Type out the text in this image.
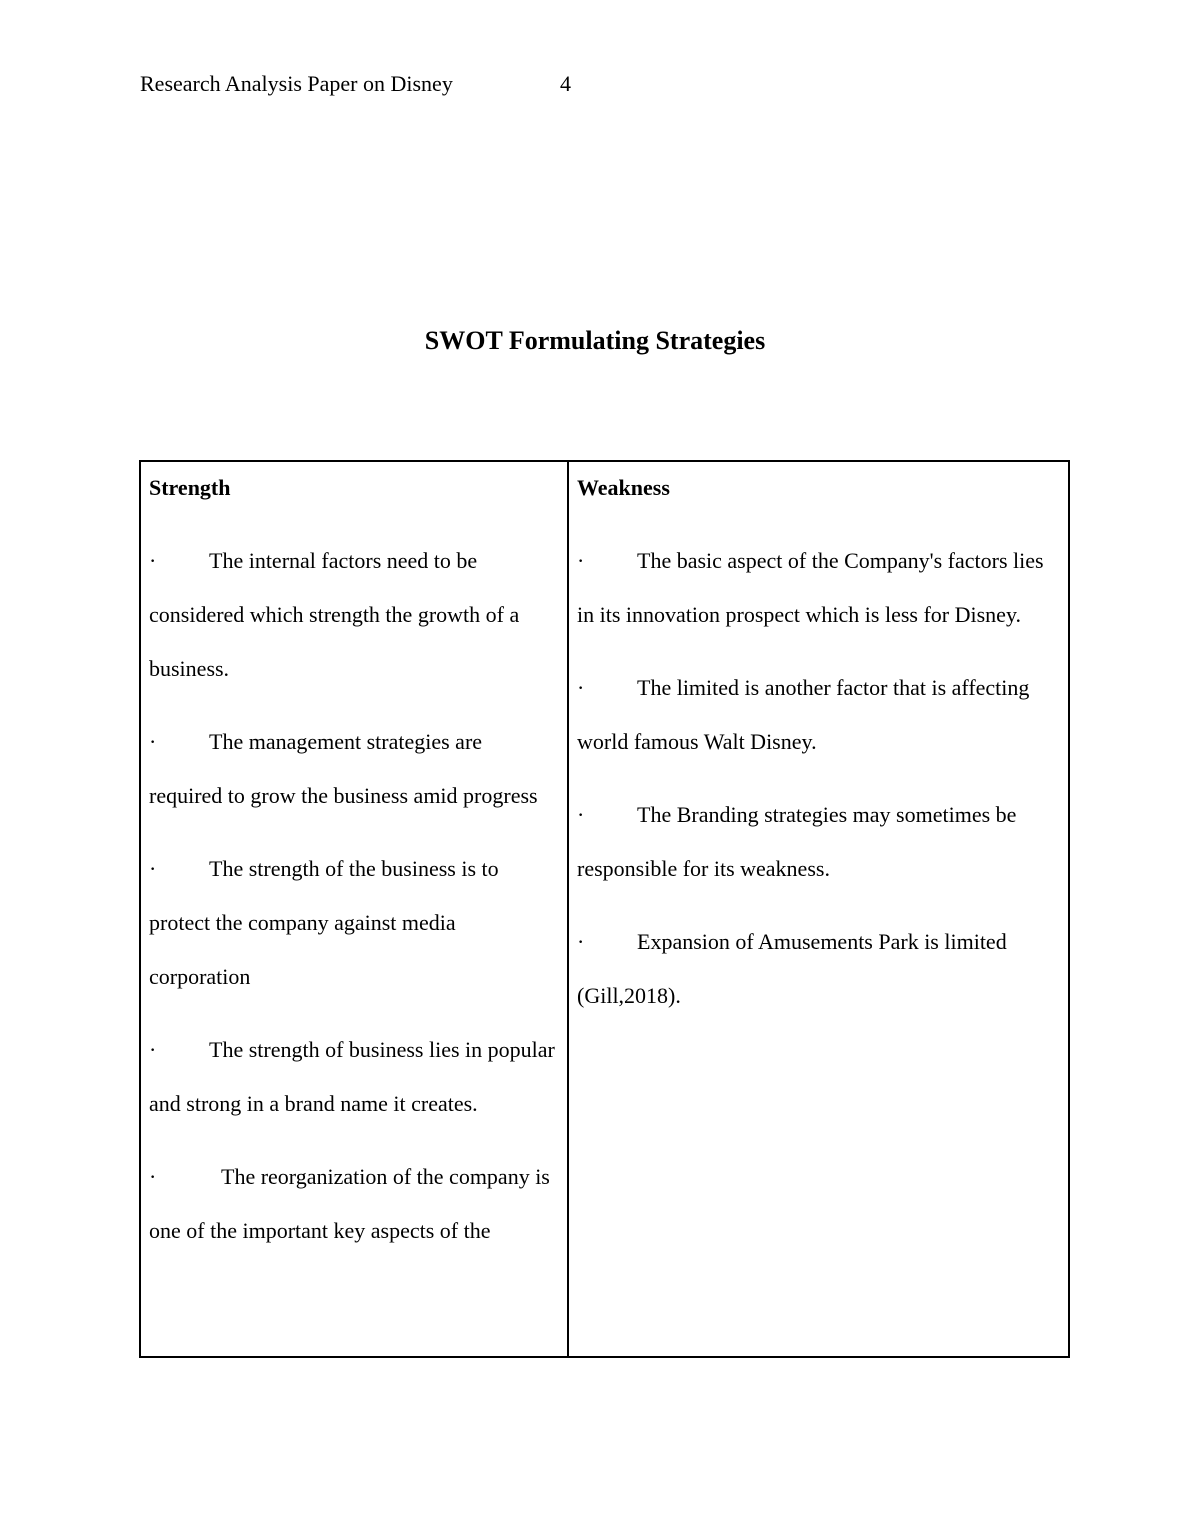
Research Analysis Paper on Disney	4
SWOT Formulating Strategies
Strength
· The internal factors need to be considered which strength the growth of a business.
· The management strategies are required to grow the business amid progress
· The strength of the business is to protect the company against media corporation
· The strength of business lies in popular and strong in a brand name it creates.
·	The reorganization of the company is one of the important key aspects of the
Weakness
· The basic aspect of the Company's factors lies in its innovation prospect which is less for Disney.
· The limited is another factor that is affecting world famous Walt Disney.
· The Branding strategies may sometimes be responsible for its weakness.
· Expansion of Amusements Park is limited (Gill,2018).
